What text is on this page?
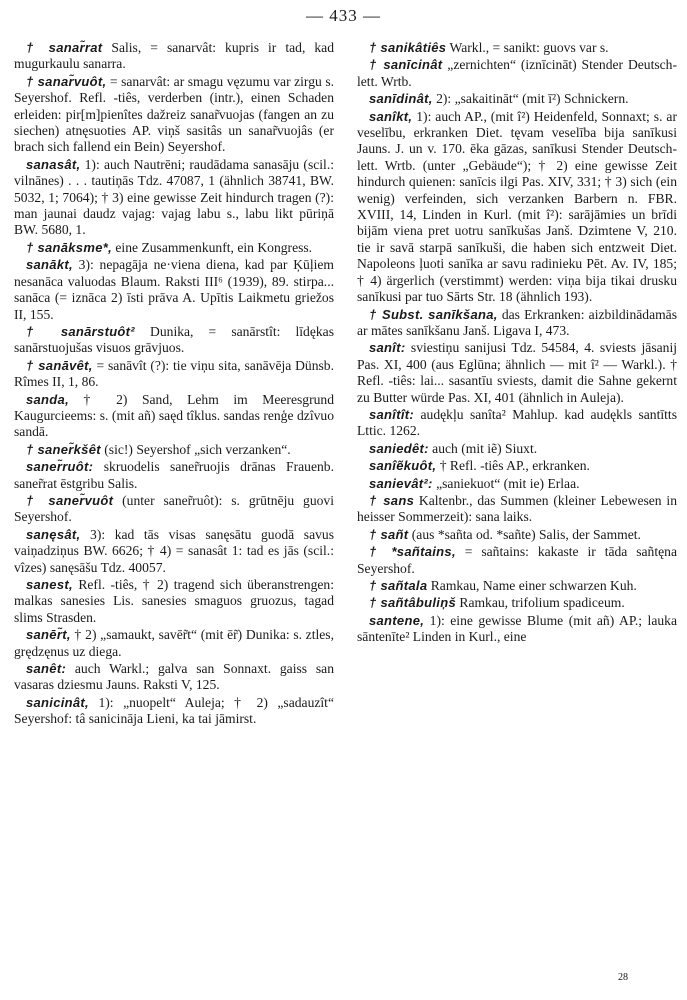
— 433 —

† sanar̃rat Salis, = sanarvât: kupris ir tad, kad mugurkaulu sanarra.

† sanar̃vuôt, = sanarvât: ar smagu vęzumu var zirgu s. Seyershof. Refl. -tiês, verderben (intr.), einen Schaden erleiden: pir[m]pienîtes dažreiz sanar̃vuojas (fangen an zu siechen) atnęsuoties AP. viņš sasitâs un sanar̃vuojâs (er brach sich fallend ein Bein) Seyershof.

sanasât, 1): auch Nautrēni; raudādama sanasāju (scil.: vilnānes) . . . tautiņās Tdz. 47087, 1 (ähnlich 38741, BW. 5032, 1; 7064); † 3) eine gewisse Zeit hindurch tragen (?): man jaunai daudz vajag: vajag labu s., labu likt pūriņā BW. 5680, 1.

† sanāksme*, eine Zusammenkunft, ein Kongress.

sanākt, 3): nepagāja ne·viena diena, kad par Ķūļiem nesanāca valuodas Blaum. Raksti III⁶ (1939), 89. stirpa... sanāca (= iznāca 2) īsti prāva A. Upītis Laikmetu griežos II, 155.

† sanārstuôt² Dunika, = sanārstît: līdękas sanārstuojušas visuos grāvjuos.

† sanāvêt, = sanāvît (?): tie viņu sita, sanāvēja Dünsb. Rîmes II, 1, 86.

sanda, † 2) Sand, Lehm im Meeresgrund Kaugurcieems: s. (mit añ) saęd tîklus. sandas renģe dzîvuo sandā.

† saner̃kšêt (sic!) Seyershof „sich verzanken“.

saner̃ruôt: skruodelis saner̃ruojis drānas Frauenb. saner̃rat ēstgribu Salis.

† saner̃vuôt (unter saner̃ruôt): s. grūtnēju guovi Seyershof.

sanęsât, 3): kad tās visas sanęsātu guodā savus vaiņadziņus BW. 6626; † 4) = sanasât 1: tad es jās (scil.: vîzes) sanęsāšu Tdz. 40057.

sanest, Refl. -tiês, † 2) tragend sich überanstrengen: malkas sanesies Lis. sanesies smaguos gruozus, tagad slims Strasden.

sanēr̃t, † 2) „samaukt, savēr̃t“ (mit ēr̃) Dunika: s. ztles, grędzęnus uz diega.

sanêt: auch Warkl.; galva san Sonnaxt. gaiss san vasaras dziesmu Jauns. Raksti V, 125.

sanicinât, 1): „nuopelt“ Auleja; † 2) „sadauzît“ Seyershof: tâ sanicināja Lieni, ka tai jāmirst.

† sanikâtiês Warkl., = sanikt: guovs var s.

† sanīcinât „zernichten“ (iznīcināt) Stender Deutsch-lett. Wrtb.

sanīdinât, 2): „sakaitināt“ (mit ī²) Schnickern.

sanîkt, 1): auch AP., (mit î²) Heidenfeld, Sonnaxt; s. ar veselību, erkranken Diet. tęvam veselība bija sanīkusi Jauns. J. un v. 170. ēka gāzas, sanīkusi Stender Deutsch-lett. Wrtb. (unter „Gebäude“); † 2) eine gewisse Zeit hindurch quienen: sanīcis ilgi Pas. XIV, 331; † 3) sich (ein wenig) verfeinden, sich verzanken Barbern n. FBR. XVIII, 14, Linden in Kurl. (mit î²): sarājāmies un brīdi bijām viena pret uotru sanīkušas Janš. Dzimtene V, 210. tie ir savā starpā sanīkuši, die haben sich entzweit Diet. Napoleons ļuoti sanīka ar savu radinieku Pēt. Av. IV, 185; † 4) ärgerlich (verstimmt) werden: viņa bija tikai drusku sanīkusi par tuo Sārts Str. 18 (ähnlich 193).

† Subst. sanīkšana, das Erkranken: aizbildinādamās ar mātes sanīkšanu Janš. Ligava I, 473.

sanît: sviestiņu sanijusi Tdz. 54584, 4. sviests jāsanij Pas. XI, 400 (aus Eglūna; ähnlich — mit î² — Warkl.). † Refl. -tiês: lai... sasantīu sviests, damit die Sahne gekernt zu Butter würde Pas. XI, 401 (ähnlich in Auleja).

sanîtît: audękļu sanîta² Mahlup. kad audękls santītts Lttic. 1262.

saniedêt: auch (mit iẽ) Siuxt.

sanîẽkuôt, † Refl. -tiês AP., erkranken.

sanievât²: „saniekuot“ (mit ie) Erlaa.

† sans Kaltenbr., das Summen (kleiner Lebewesen in heisser Sommerzeit): sana laiks.

† sañt (aus *sañta od. *sañte) Salis, der Sammet.

† *sañtains, = sañtains: kakaste ir tāda sañtęna Seyershof.

† sañtala Ramkau, Name einer schwarzen Kuh.

† sañtâbuliņš Ramkau, trifolium spadiceum.

santene, 1): eine gewisse Blume (mit añ) AP.; lauka sāntenīte² Linden in Kurl., eine

28
